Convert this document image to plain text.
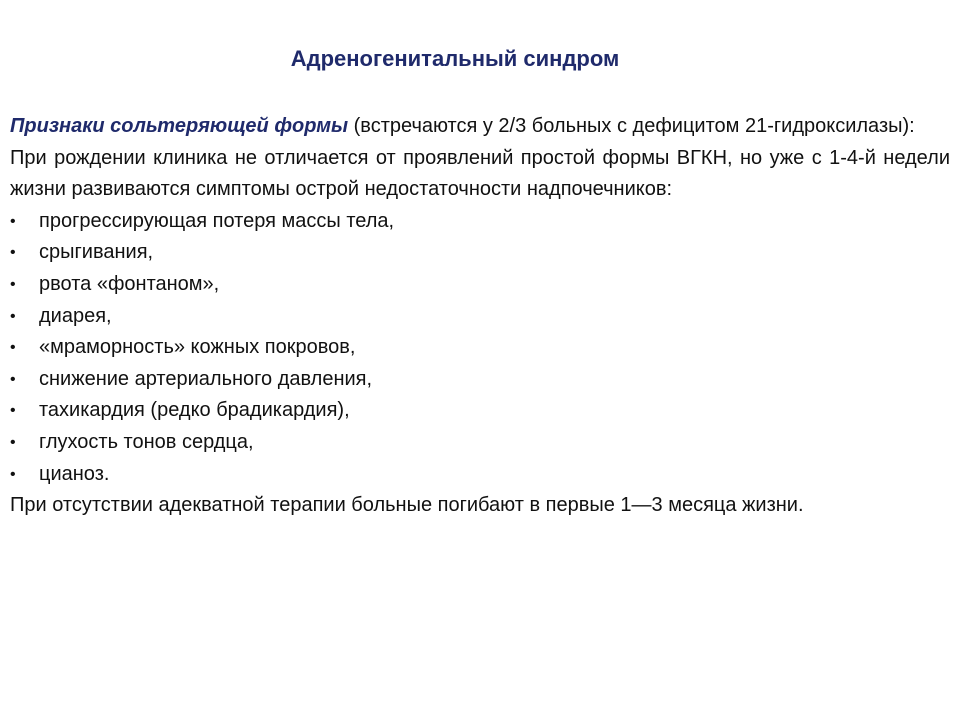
Адреногенитальный синдром

Признаки сольтеряющей формы (встречаются у 2/3 больных с дефицитом 21-гидроксилазы):

При рождении клиника не отличается от проявлений простой формы ВГКН, но уже с 1-4-й недели жизни развиваются симптомы острой недостаточности надпочечников:

• прогрессирующая потеря массы тела,
• срыгивания,
• рвота «фонтаном»,
• диарея,
• «мраморность» кожных покровов,
• снижение артериального давления,
• тахикардия (редко брадикардия),
• глухость тонов сердца,
• цианоз.

При отсутствии адекватной терапии больные погибают в первые 1—3 месяца жизни.
